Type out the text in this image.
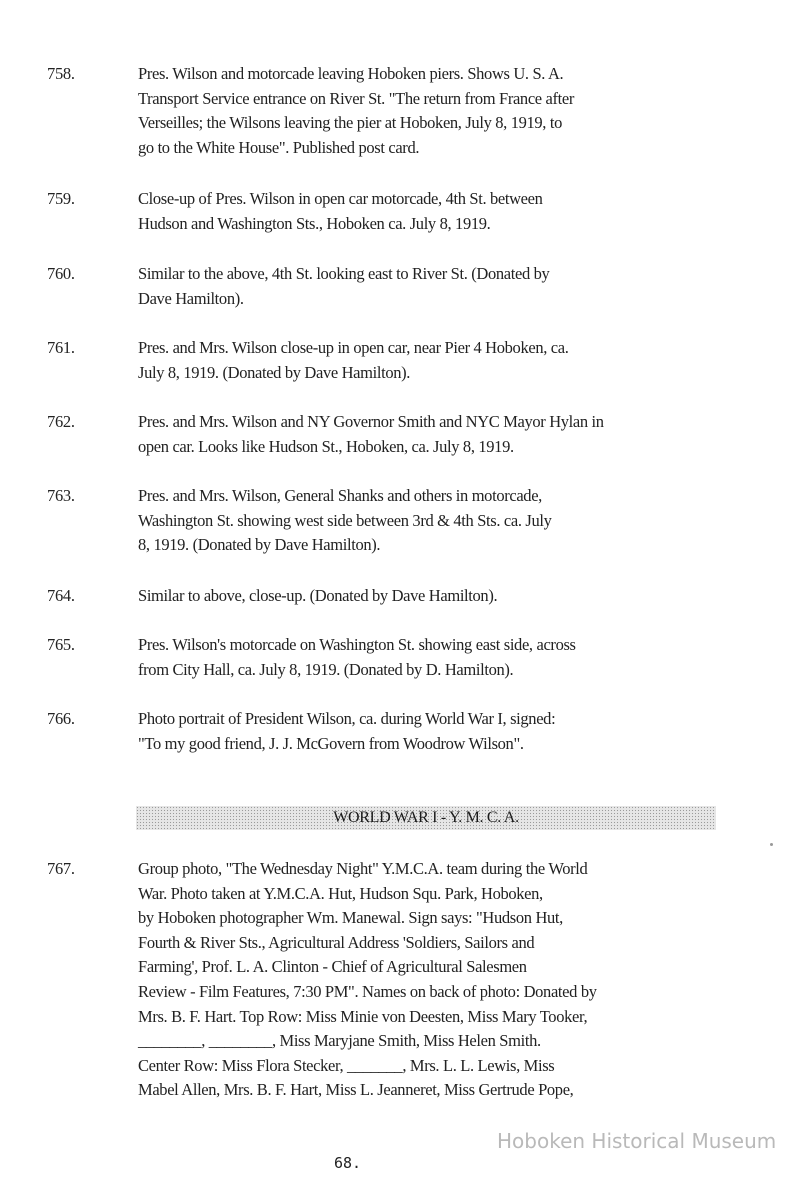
758.	Pres. Wilson and motorcade leaving Hoboken piers. Shows U. S. A.
Transport Service entrance on River St. "The return from France after
Verseilles; the Wilsons leaving the pier at Hoboken, July 8, 1919, to
go to the White House". Published post card.
759.	Close-up of Pres. Wilson in open car motorcade, 4th St. between
Hudson and Washington Sts., Hoboken ca. July 8, 1919.
760.	Similar to the above, 4th St. looking east to River St. (Donated by
Dave Hamilton).
761.	Pres. and Mrs. Wilson close-up in open car, near Pier 4 Hoboken, ca.
July 8, 1919. (Donated by Dave Hamilton).
762.	Pres. and Mrs. Wilson and NY Governor Smith and NYC Mayor Hylan in
open car. Looks like Hudson St., Hoboken, ca. July 8, 1919.
763.	Pres. and Mrs. Wilson, General Shanks and others in motorcade,
Washington St. showing west side between 3rd & 4th Sts. ca. July
8, 1919. (Donated by Dave Hamilton).
764.	Similar to above, close-up. (Donated by Dave Hamilton).
765.	Pres. Wilson's motorcade on Washington St. showing east side, across
from City Hall, ca. July 8, 1919. (Donated by D. Hamilton).
766.	Photo portrait of President Wilson, ca. during World War I, signed:
"To my good friend, J. J. McGovern from Woodrow Wilson".
WORLD WAR I - Y. M. C. A.
767.	Group photo, "The Wednesday Night" Y.M.C.A. team during the World
War. Photo taken at Y.M.C.A. Hut, Hudson Squ. Park, Hoboken,
by Hoboken photographer Wm. Manewal. Sign says: "Hudson Hut,
Fourth & River Sts., Agricultural Address 'Soldiers, Sailors and
Farming', Prof. L. A. Clinton - Chief of Agricultural Salesmen
Review - Film Features, 7:30 PM". Names on back of photo: Donated by
Mrs. B. F. Hart. Top Row: Miss Minie von Deesten, Miss Mary Tooker,
________, ________, Miss Maryjane Smith, Miss Helen Smith.
Center Row: Miss Flora Stecker, _______, Mrs. L. L. Lewis, Miss
Mabel Allen, Mrs. B. F. Hart, Miss L. Jeanneret, Miss Gertrude Pope,
Hoboken Historical Museum
68.
